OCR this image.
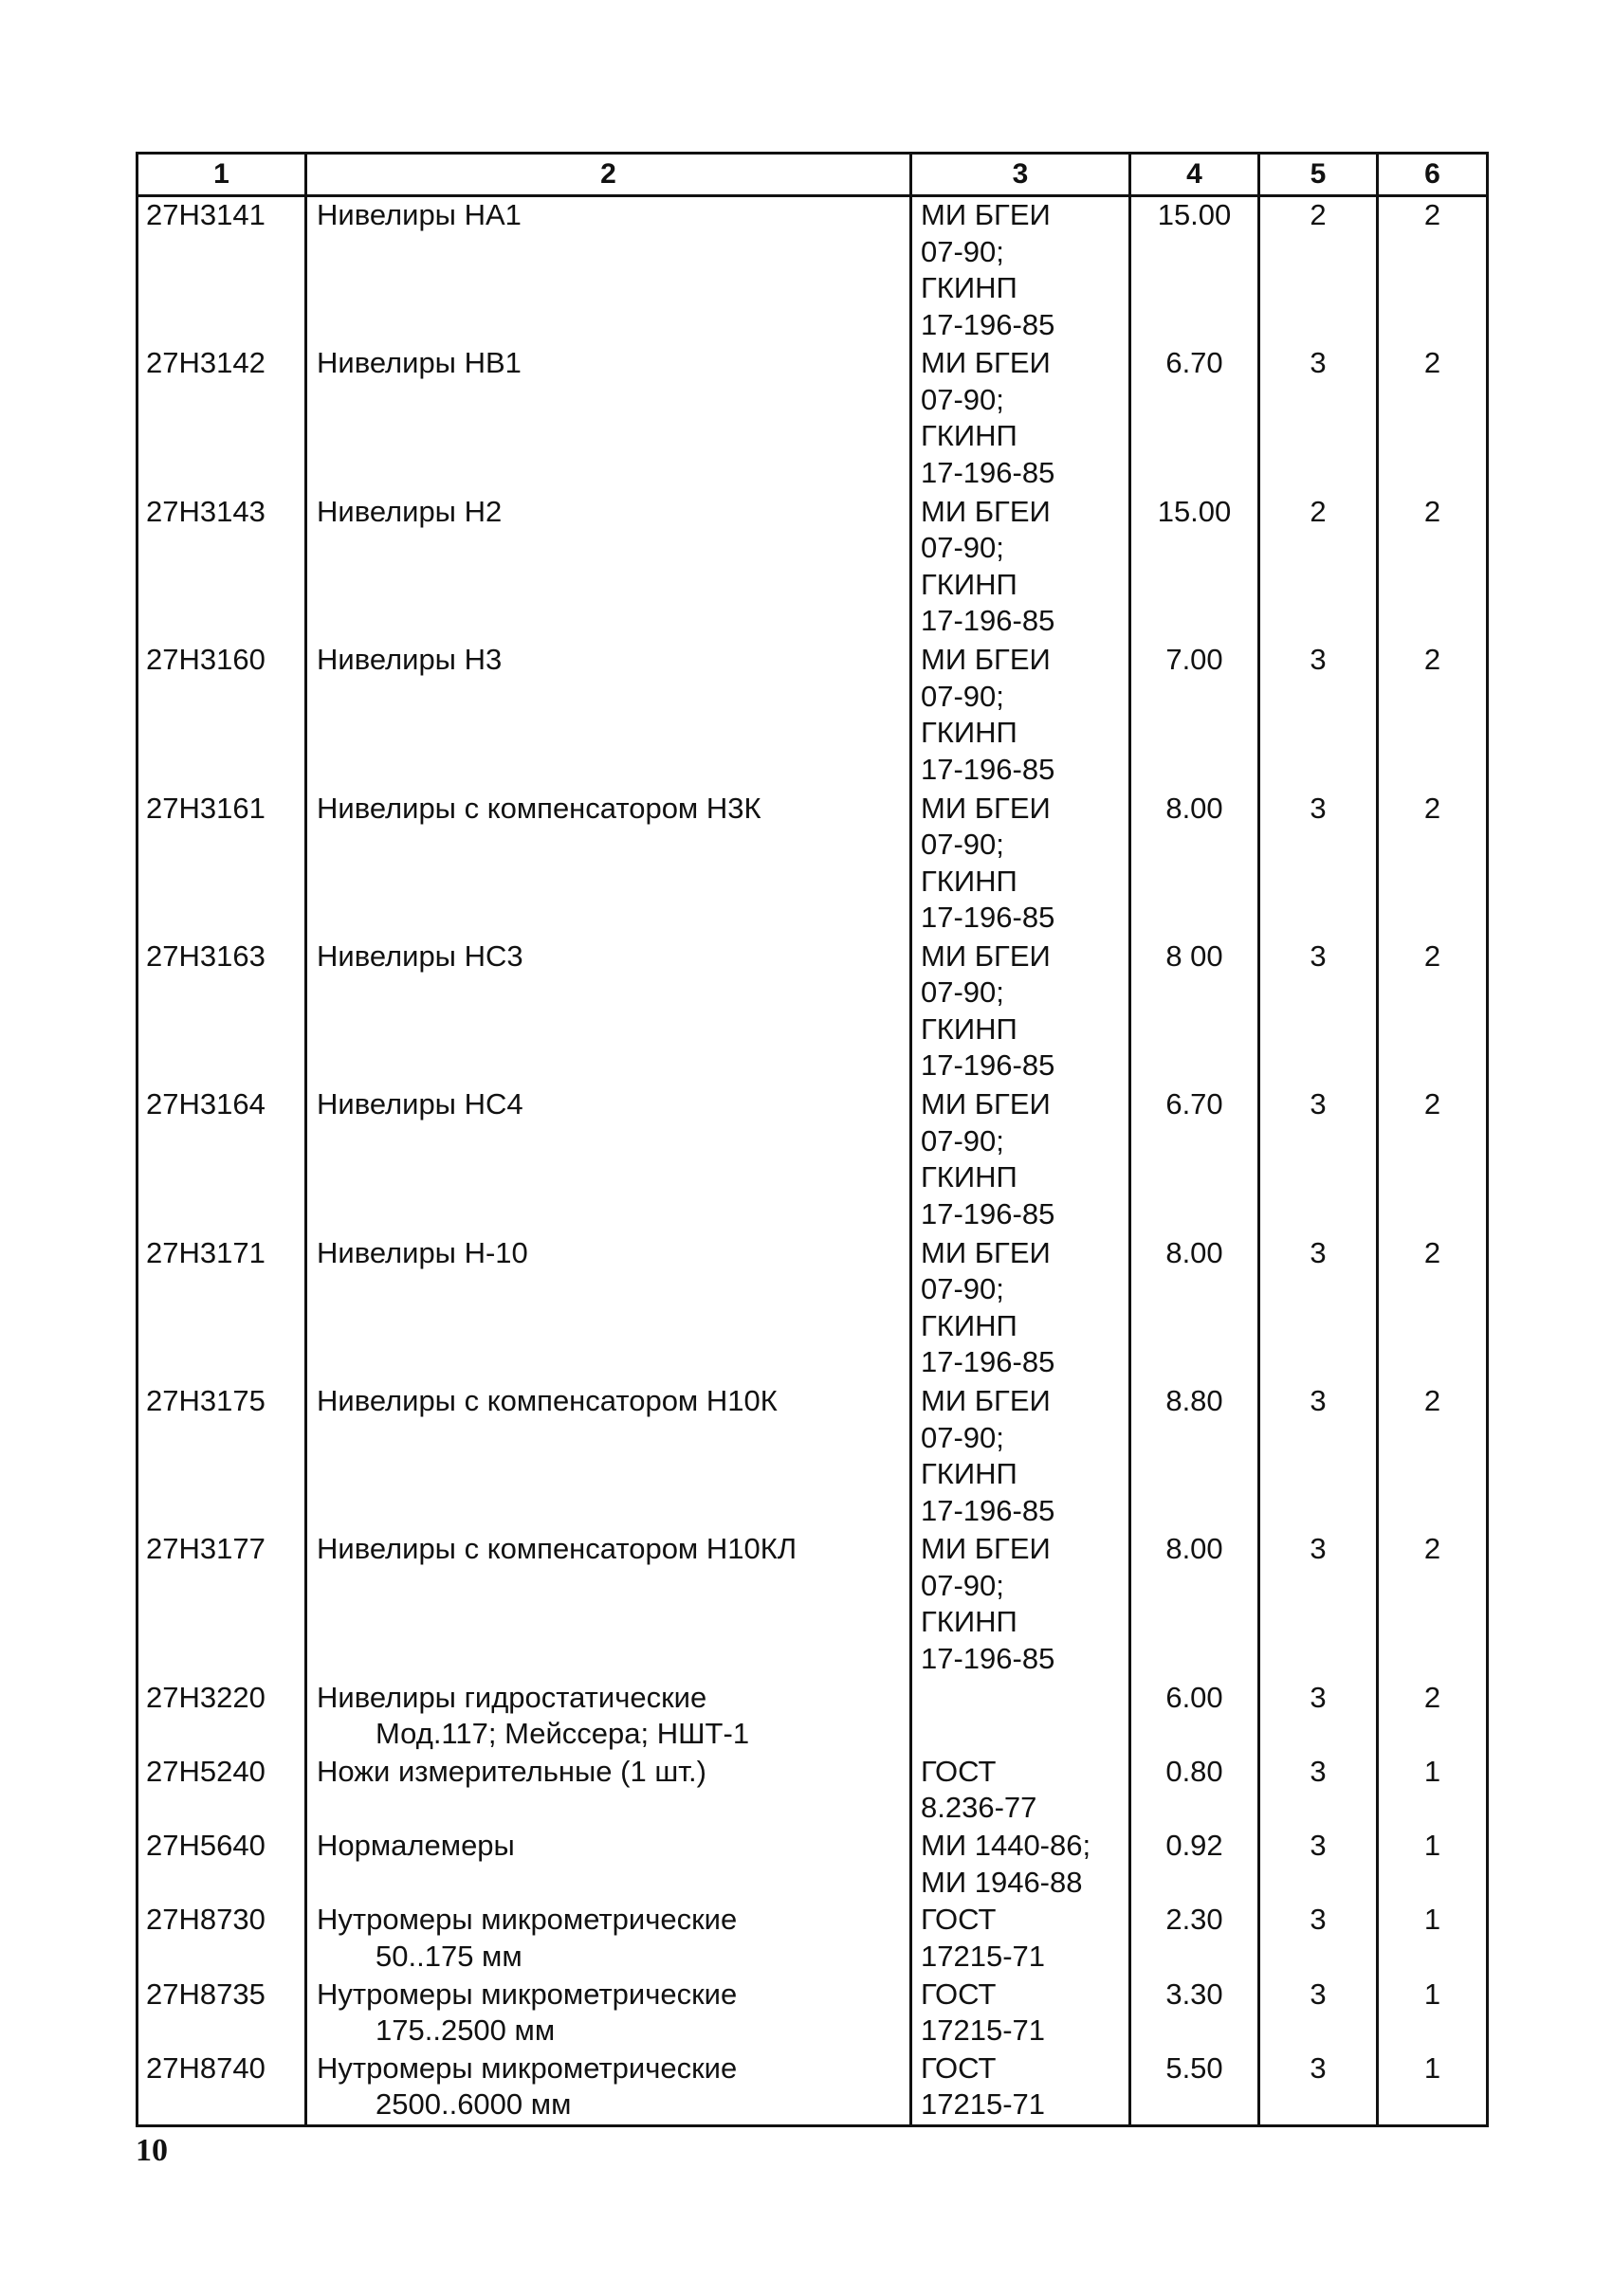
1	2	3	4	5	6

27Н3141	Нивелиры НА1	МИ БГЕИ
07-90;
ГКИНП
17-196-85	15.00	2	2

27Н3142	Нивелиры НВ1	МИ БГЕИ
07-90;
ГКИНП
17-196-85	6.70	3	2

27Н3143	Нивелиры Н2	МИ БГЕИ
07-90;
ГКИНП
17-196-85	15.00	2	2

27Н3160	Нивелиры Н3	МИ БГЕИ
07-90;
ГКИНП
17-196-85	7.00	3	2

27Н3161	Нивелиры с компенсатором Н3К	МИ БГЕИ
07-90;
ГКИНП
17-196-85	8.00	3	2

27Н3163	Нивелиры НС3	МИ БГЕИ
07-90;
ГКИНП
17-196-85	8 00	3	2

27Н3164	Нивелиры НС4	МИ БГЕИ
07-90;
ГКИНП
17-196-85	6.70	3	2

27Н3171	Нивелиры Н-10	МИ БГЕИ
07-90;
ГКИНП
17-196-85	8.00	3	2

27Н3175	Нивелиры с компенсатором Н10К	МИ БГЕИ
07-90;
ГКИНП
17-196-85	8.80	3	2

27Н3177	Нивелиры с компенсатором Н10КЛ	МИ БГЕИ
07-90;
ГКИНП
17-196-85	8.00	3	2

27Н3220	Нивелиры гидростатические
Мод.117; Мейссера; НШТ-1		6.00	3	2

27Н5240	Ножи измерительные (1 шт.)	ГОСТ
8.236-77	0.80	3	1

27Н5640	Нормалемеры	МИ 1440-86;
МИ 1946-88	0.92	3	1

27Н8730	Нутромеры микрометрические
50..175 мм	ГОСТ
17215-71	2.30	3	1

27Н8735	Нутромеры микрометрические
175..2500 мм	ГОСТ
17215-71	3.30	3	1

27Н8740	Нутромеры микрометрические
2500..6000 мм	ГОСТ
17215-71	5.50	3	1

10
